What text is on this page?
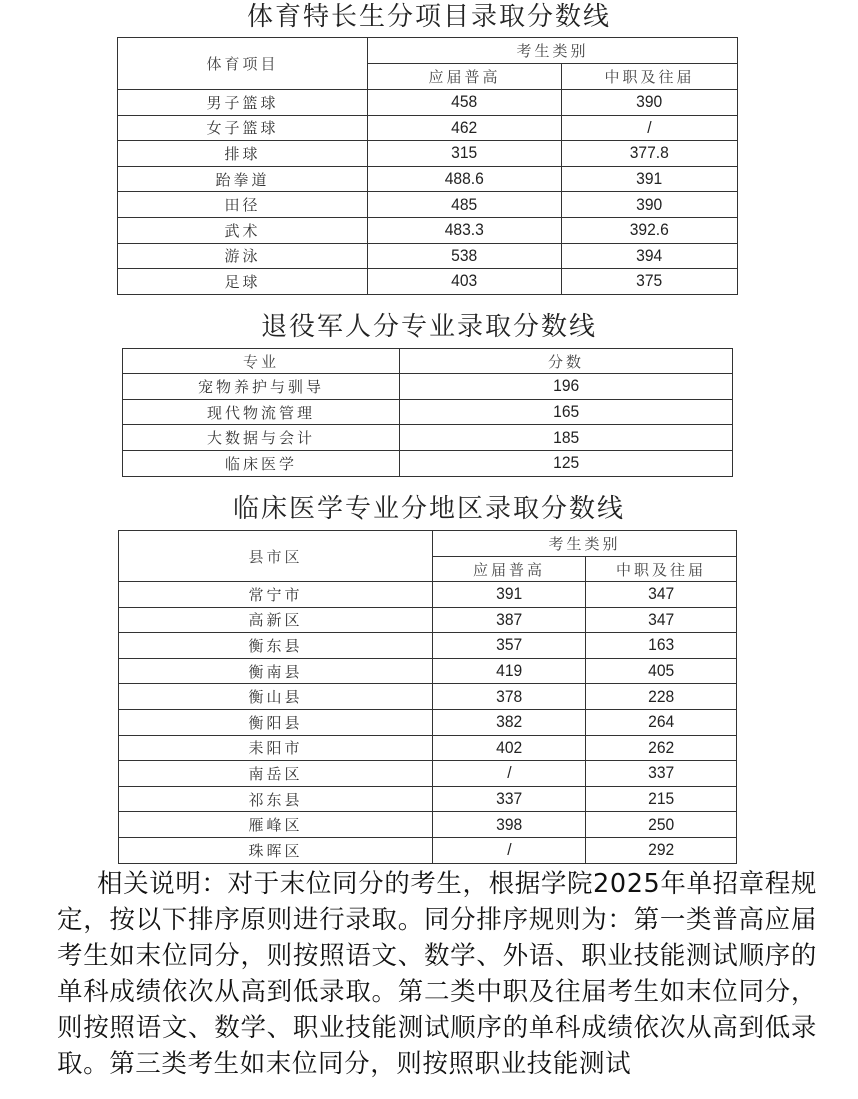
体育特长生分项目录取分数线
体育项目	考生类别	
	应届普高	中职及往届
男子篮球	458	390
女子篮球	462	/
排球	315	377.8
跆拳道	488.6	391
田径	485	390
武术	483.3	392.6
游泳	538	394
足球	403	375
退役军人分专业录取分数线
专业	分数
宠物养护与驯导	196
现代物流管理	165
大数据与会计	185
临床医学	125
临床医学专业分地区录取分数线
县市区	考生类别	
	应届普高	中职及往届
常宁市	391	347
高新区	387	347
衡东县	357	163
衡南县	419	405
衡山县	378	228
衡阳县	382	264
耒阳市	402	262
南岳区	/	337
祁东县	337	215
雁峰区	398	250
珠晖区	/	292
相关说明：对于末位同分的考生，根据学院2025年单招章程规定，按以下排序原则进行录取。同分排序规则为：第一类普高应届考生如末位同分，则按照语文、数学、外语、职业技能测试顺序的单科成绩依次从高到低录取。第二类中职及往届考生如末位同分，则按照语文、数学、职业技能测试顺序的单科成绩依次从高到低录取。第三类考生如末位同分，则按照职业技能测试
